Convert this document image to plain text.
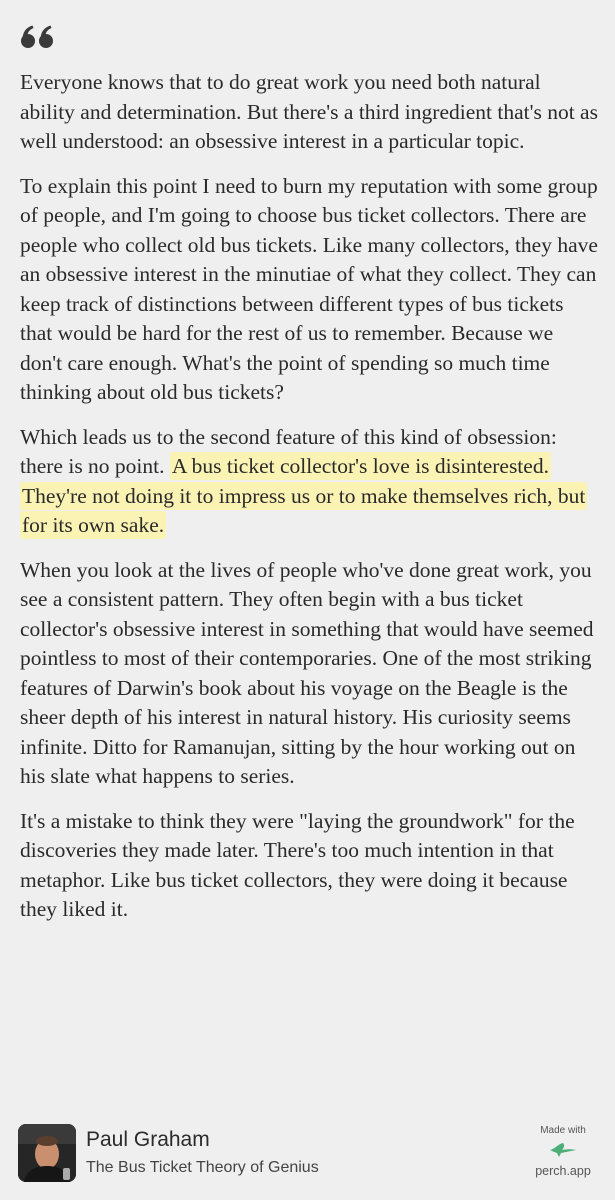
Everyone knows that to do great work you need both natural ability and determination. But there's a third ingredient that's not as well understood: an obsessive interest in a particular topic.

To explain this point I need to burn my reputation with some group of people, and I'm going to choose bus ticket collectors. There are people who collect old bus tickets. Like many collectors, they have an obsessive interest in the minutiae of what they collect. They can keep track of distinctions between different types of bus tickets that would be hard for the rest of us to remember. Because we don't care enough. What's the point of spending so much time thinking about old bus tickets?

Which leads us to the second feature of this kind of obsession: there is no point. A bus ticket collector's love is disinterested. They're not doing it to impress us or to make themselves rich, but for its own sake.

When you look at the lives of people who've done great work, you see a consistent pattern. They often begin with a bus ticket collector's obsessive interest in something that would have seemed pointless to most of their contemporaries. One of the most striking features of Darwin's book about his voyage on the Beagle is the sheer depth of his interest in natural history. His curiosity seems infinite. Ditto for Ramanujan, sitting by the hour working out on his slate what happens to series.

It's a mistake to think they were "laying the groundwork" for the discoveries they made later. There's too much intention in that metaphor. Like bus ticket collectors, they were doing it because they liked it.

Paul Graham
The Bus Ticket Theory of Genius
Made with
perch.app
